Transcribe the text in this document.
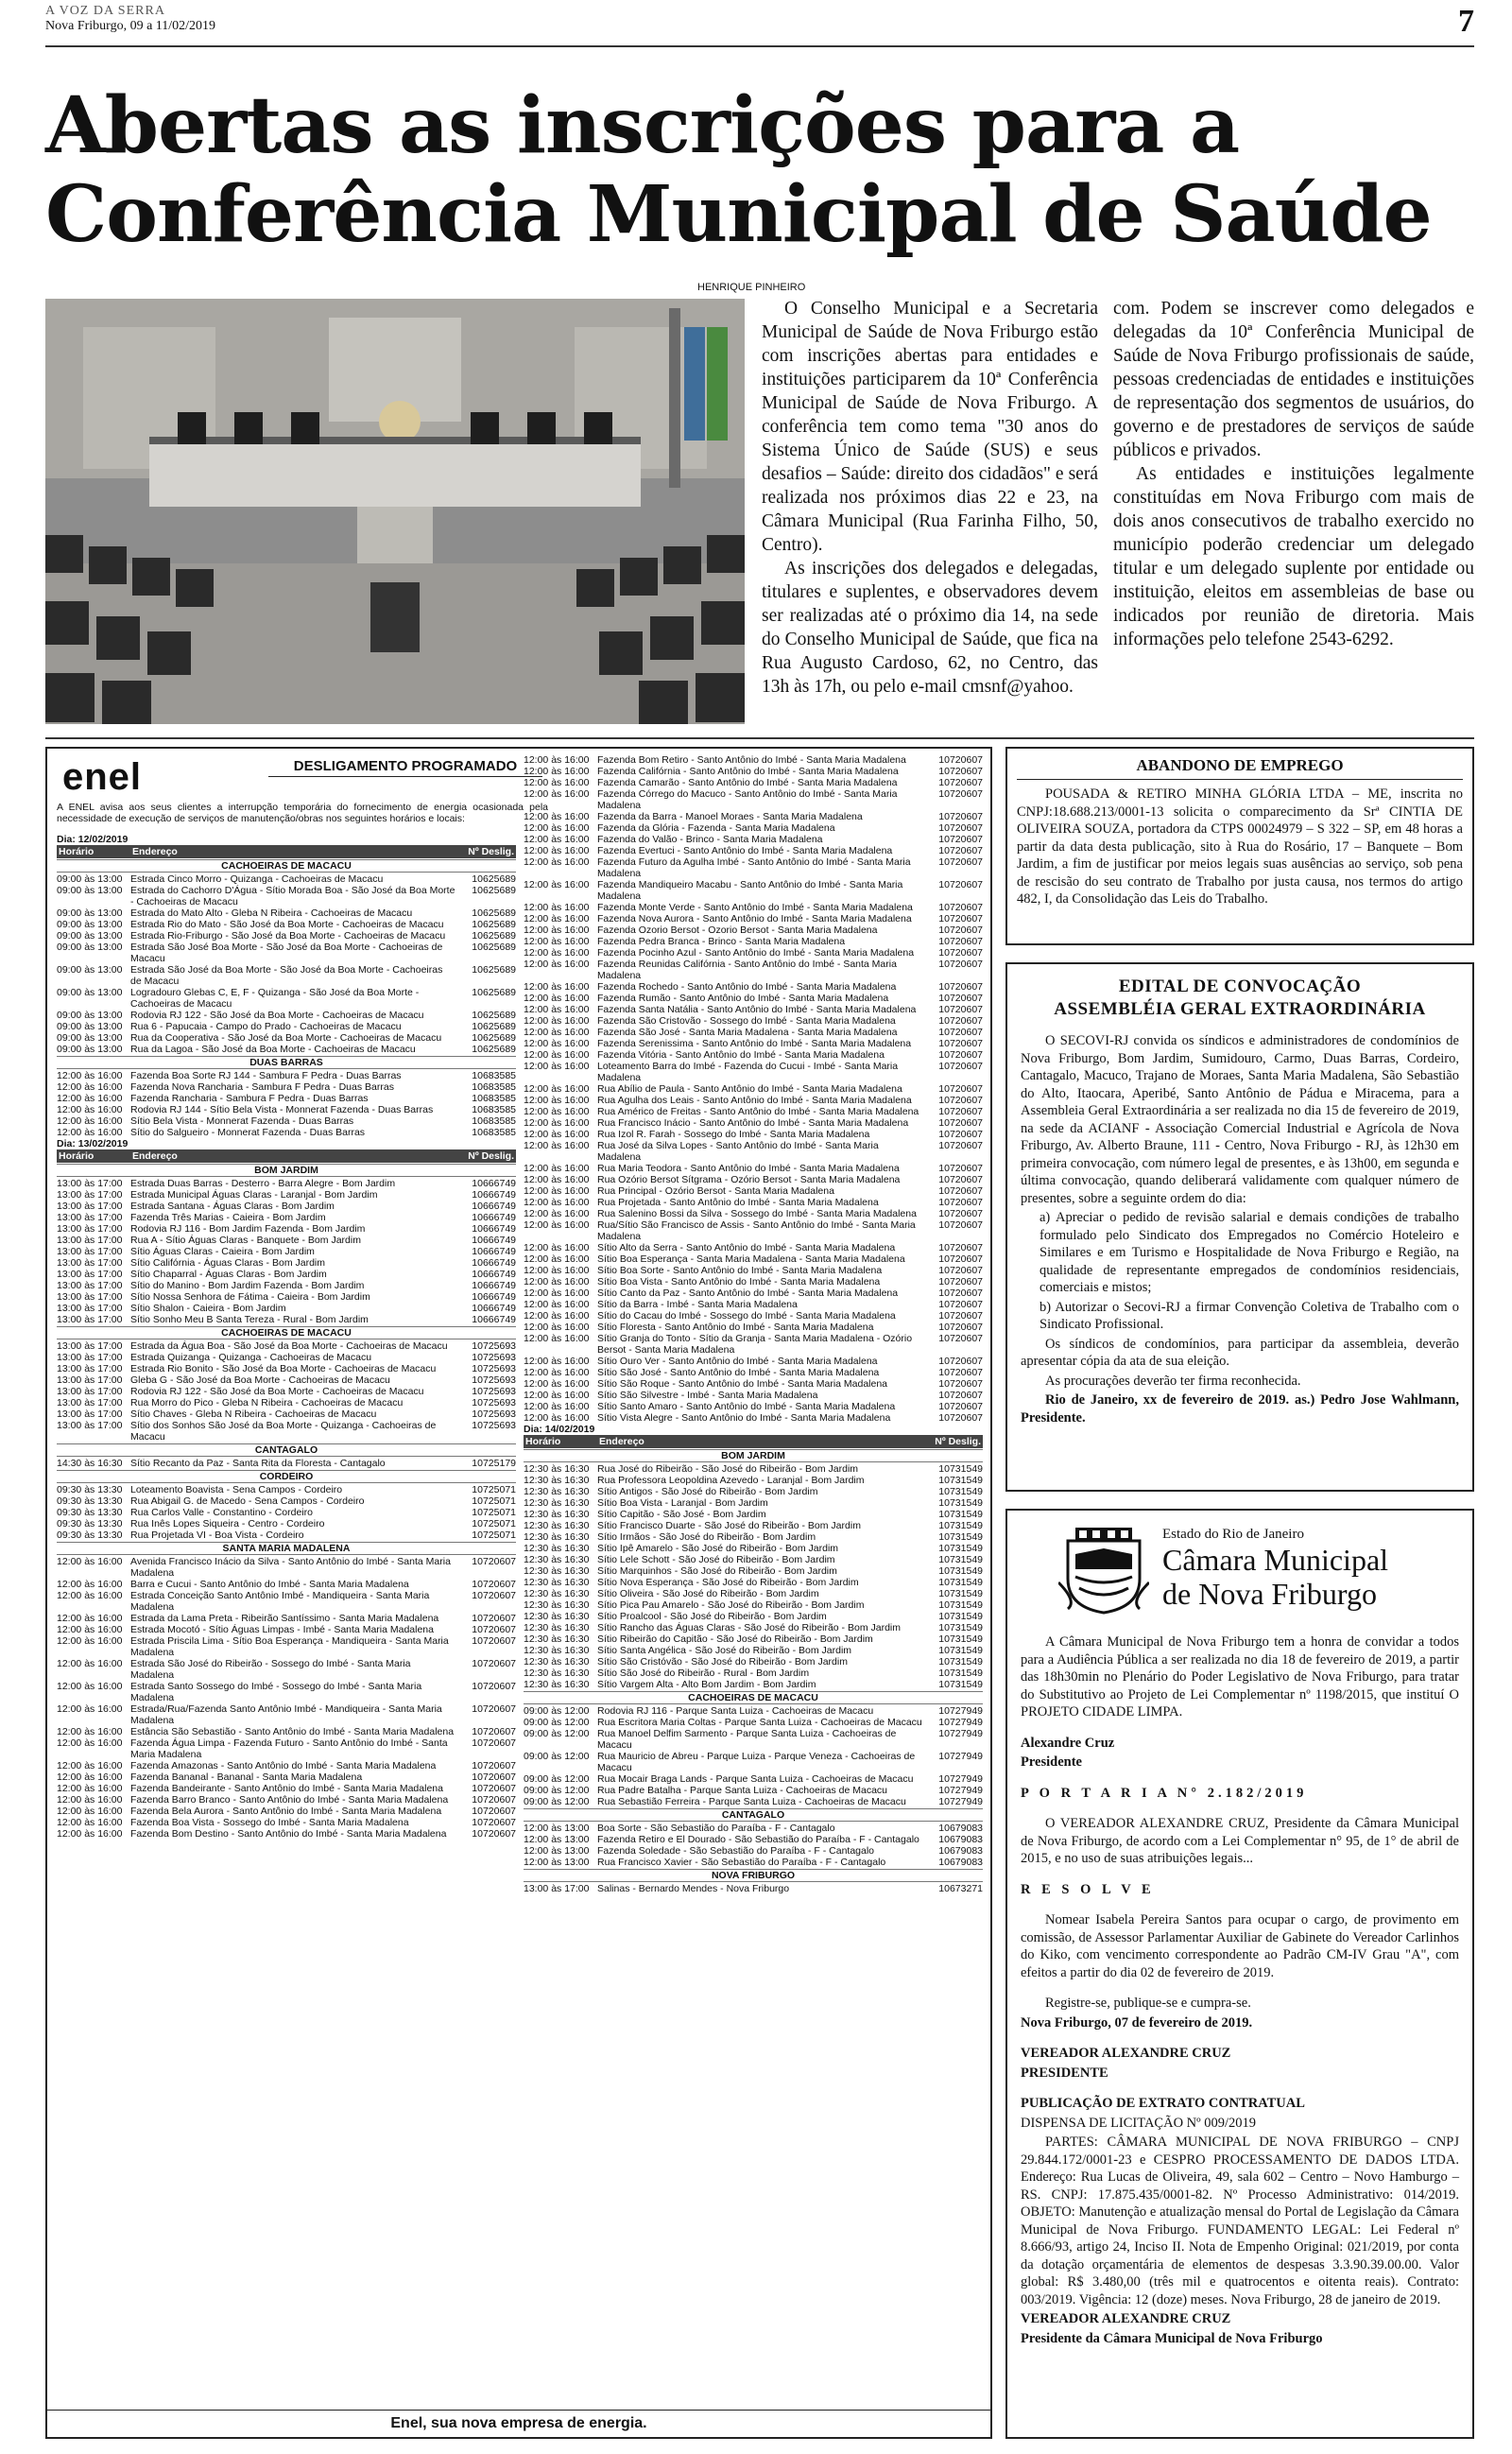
A VOZ DA SERRA
Nova Friburgo, 09 a 11/02/2019	7
Abertas as inscrições para a
Conferência Municipal de Saúde
HENRIQUE PINHEIRO

O Conselho Municipal e a Secretaria Municipal de Saúde de Nova Friburgo estão com inscrições abertas para entidades e instituições participarem da 10ª Conferência Municipal de Saúde de Nova Friburgo. A conferência tem como tema "30 anos do Sistema Único de Saúde (SUS) e seus desafios – Saúde: direito dos cidadãos" e será realizada nos próximos dias 22 e 23, na Câmara Municipal (Rua Farinha Filho, 50, Centro).

As inscrições dos delegados e delegadas, titulares e suplentes, e observadores devem ser realizadas até o próximo dia 14, na sede do Conselho Municipal de Saúde, que fica na Rua Augusto Cardoso, 62, no Centro, das 13h às 17h, ou pelo e-mail cmsnf@yahoo.

com. Podem se inscrever como delegados e delegadas da 10ª Conferência Municipal de Saúde de Nova Friburgo profissionais de saúde, pessoas credenciadas de entidades e instituições de representação dos segmentos de usuários, do governo e de prestadores de serviços de saúde públicos e privados.

As entidades e instituições legalmente constituídas em Nova Friburgo com mais de dois anos consecutivos de trabalho exercido no município poderão credenciar um delegado titular e um delegado suplente por entidade ou instituição, eleitos em assembleias de base ou indicados por reunião de diretoria. Mais informações pelo telefone 2543-6292.

enel	DESLIGAMENTO PROGRAMADO
A ENEL avisa aos seus clientes a interrupção temporária do fornecimento de energia ocasionada pela necessidade de execução de serviços de manutenção/obras nos seguintes horários e locais:
Dia: 12/02/2019
Horário	Endereço	Nº Deslig.
CACHOEIRAS DE MACACU
09:00 às 13:00 Estrada Cinco Morro - Quizanga - Cachoeiras de Macacu	10625689
09:00 às 13:00 Estrada do Cachorro D'Água - Sítio Morada Boa - São José da Boa Morte - Cachoeiras de Macacu
10625689
09:00 às 13:00 Estrada do Mato Alto - Gleba N Ribeira - Cachoeiras de Macacu	10625689
09:00 às 13:00 Estrada Rio do Mato - São José da Boa Morte - Cachoeiras de Macacu	10625689
09:00 às 13:00 Estrada Rio-Friburgo - São José da Boa Morte - Cachoeiras de Macacu	10625689
09:00 às 13:00 Estrada São José Boa Morte - São José da Boa Morte - Cachoeiras de Macacu
10625689
09:00 às 13:00 Estrada São José da Boa Morte - São José da Boa Morte - Cachoeiras de Macacu
10625689
09:00 às 13:00 Logradouro Glebas C, E, F - Quizanga - São José da Boa Morte - Cachoeiras de Macacu
10625689
09:00 às 13:00 Rodovia RJ 122 - São José da Boa Morte - Cachoeiras de Macacu	10625689
09:00 às 13:00 Rua 6 - Papucaia - Campo do Prado - Cachoeiras de Macacu	10625689
09:00 às 13:00 Rua da Cooperativa - São José da Boa Morte - Cachoeiras de Macacu	10625689
09:00 às 13:00 Rua da Lagoa - São José da Boa Morte - Cachoeiras de Macacu	10625689
DUAS BARRAS
12:00 às 16:00 Fazenda Boa Sorte RJ 144 - Sambura F Pedra - Duas Barras	10683585
12:00 às 16:00 Fazenda Nova Rancharia - Sambura F Pedra - Duas Barras	10683585
12:00 às 16:00 Fazenda Rancharia - Sambura F Pedra - Duas Barras	10683585
12:00 às 16:00 Rodovia RJ 144 - Sítio Bela Vista - Monnerat Fazenda - Duas Barras	10683585
12:00 às 16:00 Sítio Bela Vista - Monnerat Fazenda - Duas Barras	10683585
12:00 às 16:00 Sítio do Salgueiro - Monnerat Fazenda - Duas Barras	10683585
Dia: 13/02/2019
Horário	Endereço	Nº Deslig.
BOM JARDIM
13:00 às 17:00 Estrada Duas Barras - Desterro - Barra Alegre - Bom Jardim	10666749
13:00 às 17:00 Estrada Municipal Águas Claras - Laranjal - Bom Jardim	10666749
13:00 às 17:00 Estrada Santana - Águas Claras - Bom Jardim	10666749
13:00 às 17:00 Fazenda Três Marias - Caieira - Bom Jardim	10666749
13:00 às 17:00 Rodovia RJ 116 - Bom Jardim Fazenda - Bom Jardim	10666749
13:00 às 17:00 Rua A - Sítio Águas Claras - Banquete - Bom Jardim	10666749
13:00 às 17:00 Sítio Águas Claras - Caieira - Bom Jardim	10666749
13:00 às 17:00 Sítio Califórnia - Águas Claras - Bom Jardim	10666749
13:00 às 17:00 Sítio Chaparral - Águas Claras - Bom Jardim	10666749
13:00 às 17:00 Sítio do Manino - Bom Jardim Fazenda - Bom Jardim	10666749
13:00 às 17:00 Sítio Nossa Senhora de Fátima - Caieira - Bom Jardim	10666749
13:00 às 17:00 Sítio Shalon - Caieira - Bom Jardim	10666749
13:00 às 17:00 Sítio Sonho Meu B Santa Tereza - Rural - Bom Jardim	10666749
CACHOEIRAS DE MACACU
13:00 às 17:00 Estrada da Água Boa - São José da Boa Morte - Cachoeiras de Macacu	10725693
13:00 às 17:00 Estrada Quizanga - Quizanga - Cachoeiras de Macacu	10725693
13:00 às 17:00 Estrada Rio Bonito - São José da Boa Morte - Cachoeiras de Macacu	10725693
13:00 às 17:00 Gleba G - São José da Boa Morte - Cachoeiras de Macacu	10725693
13:00 às 17:00 Rodovia RJ 122 - São José da Boa Morte - Cachoeiras de Macacu	10725693
13:00 às 17:00 Rua Morro do Pico - Gleba N Ribeira - Cachoeiras de Macacu	10725693
13:00 às 17:00 Sítio Chaves - Gleba N Ribeira - Cachoeiras de Macacu	10725693
13:00 às 17:00 Sítio dos Sonhos São José da Boa Morte - Quizanga - Cachoeiras de Macacu
10725693
CANTAGALO
14:30 às 16:30 Sítio Recanto da Paz - Santa Rita da Floresta - Cantagalo	10725179
CORDEIRO
09:30 às 13:30 Loteamento Boavista - Sena Campos - Cordeiro	10725071
09:30 às 13:30 Rua Abigail G. de Macedo - Sena Campos - Cordeiro	10725071
09:30 às 13:30 Rua Carlos Valle - Constantino - Cordeiro	10725071
09:30 às 13:30 Rua Inês Lopes Siqueira - Centro - Cordeiro	10725071
09:30 às 13:30 Rua Projetada VI - Boa Vista - Cordeiro	10725071
SANTA MARIA MADALENA
12:00 às 16:00 Avenida Francisco Inácio da Silva - Santo Antônio do Imbé - Santa Maria Madalena
10720607
12:00 às 16:00 Barra e Cucui - Santo Antônio do Imbé - Santa Maria Madalena	10720607
12:00 às 16:00 Estrada Conceição Santo Antônio Imbé - Mandiqueira - Santa Maria Madalena
10720607
12:00 às 16:00 Estrada da Lama Preta - Ribeirão Santíssimo - Santa Maria Madalena	10720607
12:00 às 16:00 Estrada Mocotó - Sítio Águas Limpas - Imbé - Santa Maria Madalena	10720607
12:00 às 16:00 Estrada Priscila Lima - Sítio Boa Esperança - Mandiqueira - Santa Maria Madalena
10720607
12:00 às 16:00 Estrada São José do Ribeirão - Sossego do Imbé - Santa Maria Madalena
10720607
12:00 às 16:00 Estrada Santo Sossego do Imbé - Sossego do Imbé - Santa Maria Madalena
10720607
12:00 às 16:00 Estrada/Rua/Fazenda Santo Antônio Imbé - Mandiqueira - Santa Maria Madalena
10720607
12:00 às 16:00 Estância São Sebastião - Santo Antônio do Imbé - Santa Maria Madalena	10720607
12:00 às 16:00 Fazenda Água Limpa - Fazenda Futuro - Santo Antônio do Imbé - Santa Maria Madalena
10720607
12:00 às 16:00 Fazenda Amazonas - Santo Antônio do Imbé - Santa Maria Madalena	10720607
12:00 às 16:00 Fazenda Bananal - Bananal - Santa Maria Madalena	10720607
12:00 às 16:00 Fazenda Bandeirante - Santo Antônio do Imbé - Santa Maria Madalena	10720607
12:00 às 16:00 Fazenda Barro Branco - Santo Antônio do Imbé - Santa Maria Madalena	10720607
12:00 às 16:00 Fazenda Bela Aurora - Santo Antônio do Imbé - Santa Maria Madalena	10720607
12:00 às 16:00 Fazenda Boa Vista - Sossego do Imbé - Santa Maria Madalena	10720607
12:00 às 16:00 Fazenda Bom Destino - Santo Antônio do Imbé - Santa Maria Madalena	10720607
12:00 às 16:00 Fazenda Bom Retiro - Santo Antônio do Imbé - Santa Maria Madalena	10720607
12:00 às 16:00 Fazenda Califórnia - Santo Antônio do Imbé - Santa Maria Madalena	10720607
12:00 às 16:00 Fazenda Camarão - Santo Antônio do Imbé - Santa Maria Madalena	10720607
12:00 às 16:00 Fazenda Córrego do Macuco - Santo Antônio do Imbé - Santa Maria Madalena
10720607
12:00 às 16:00 Fazenda da Barra - Manoel Moraes - Santa Maria Madalena	10720607
12:00 às 16:00 Fazenda da Glória - Fazenda - Santa Maria Madalena	10720607
12:00 às 16:00 Fazenda do Valão - Brinco - Santa Maria Madalena	10720607
12:00 às 16:00 Fazenda Evertuci - Santo Antônio do Imbé - Santa Maria Madalena	10720607
12:00 às 16:00 Fazenda Futuro da Agulha Imbé - Santo Antônio do Imbé - Santa Maria Madalena
10720607
12:00 às 16:00 Fazenda Mandiqueiro Macabu - Santo Antônio do Imbé - Santa Maria Madalena
10720607
12:00 às 16:00 Fazenda Monte Verde - Santo Antônio do Imbé - Santa Maria Madalena	10720607
12:00 às 16:00 Fazenda Nova Aurora - Santo Antônio do Imbé - Santa Maria Madalena	10720607
12:00 às 16:00 Fazenda Ozorio Bersot - Ozorio Bersot - Santa Maria Madalena	10720607
12:00 às 16:00 Fazenda Pedra Branca - Brinco - Santa Maria Madalena	10720607
12:00 às 16:00 Fazenda Pocinho Azul - Santo Antônio do Imbé - Santa Maria Madalena	10720607
12:00 às 16:00 Fazenda Reunidas Califórnia - Santo Antônio do Imbé - Santa Maria Madalena
10720607
12:00 às 16:00 Fazenda Rochedo - Santo Antônio do Imbé - Santa Maria Madalena	10720607
12:00 às 16:00 Fazenda Rumão - Santo Antônio do Imbé - Santa Maria Madalena	10720607
12:00 às 16:00 Fazenda Santa Natália - Santo Antônio do Imbé - Santa Maria Madalena	10720607
12:00 às 16:00 Fazenda São Cristovão - Sossego do Imbé - Santa Maria Madalena	10720607
12:00 às 16:00 Fazenda São José - Santa Maria Madalena - Santa Maria Madalena	10720607
12:00 às 16:00 Fazenda Serenissima - Santo Antônio do Imbé - Santa Maria Madalena	10720607
12:00 às 16:00 Fazenda Vitória - Santo Antônio do Imbé - Santa Maria Madalena	10720607
12:00 às 16:00 Loteamento Barra do Imbé - Fazenda do Cucui - Imbé - Santa Maria Madalena
10720607
12:00 às 16:00 Rua Abílio de Paula - Santo Antônio do Imbé - Santa Maria Madalena	10720607
12:00 às 16:00 Rua Agulha dos Leais - Santo Antônio do Imbé - Santa Maria Madalena	10720607
12:00 às 16:00 Rua Américo de Freitas - Santo Antônio do Imbé - Santa Maria Madalena	10720607
12:00 às 16:00 Rua Francisco Inácio - Santo Antônio do Imbé - Santa Maria Madalena	10720607
12:00 às 16:00 Rua Izol R. Farah - Sossego do Imbé - Santa Maria Madalena	10720607
12:00 às 16:00 Rua José da Silva Lopes - Santo Antônio do Imbé - Santa Maria Madalena
10720607
12:00 às 16:00 Rua Maria Teodora - Santo Antônio do Imbé - Santa Maria Madalena	10720607
12:00 às 16:00 Rua Ozório Bersot Sítgrama - Ozório Bersot - Santa Maria Madalena	10720607
12:00 às 16:00 Rua Principal - Ozório Bersot - Santa Maria Madalena	10720607
12:00 às 16:00 Rua Projetada - Santo Antônio do Imbé - Santa Maria Madalena	10720607
12:00 às 16:00 Rua Salenino Bossi da Silva - Sossego do Imbé - Santa Maria Madalena	10720607
12:00 às 16:00 Rua/Sítio São Francisco de Assis - Santo Antônio do Imbé - Santa Maria Madalena
10720607
12:00 às 16:00 Sítio Alto da Serra - Santo Antônio do Imbé - Santa Maria Madalena	10720607
12:00 às 16:00 Sítio Boa Esperança - Santa Maria Madalena - Santa Maria Madalena	10720607
12:00 às 16:00 Sítio Boa Sorte - Santo Antônio do Imbé - Santa Maria Madalena	10720607
12:00 às 16:00 Sítio Boa Vista - Santo Antônio do Imbé - Santa Maria Madalena	10720607
12:00 às 16:00 Sítio Canto da Paz - Santo Antônio do Imbé - Santa Maria Madalena	10720607
12:00 às 16:00 Sítio da Barra - Imbé - Santa Maria Madalena	10720607
12:00 às 16:00 Sítio do Cacau do Imbé - Sossego do Imbé - Santa Maria Madalena	10720607
12:00 às 16:00 Sítio Floresta - Santo Antônio do Imbé - Santa Maria Madalena	10720607
12:00 às 16:00 Sítio Granja do Tonto - Sítio da Granja - Santa Maria Madalena - Ozório Bersot - Santa Maria Madalena
10720607
12:00 às 16:00 Sítio Ouro Ver - Santo Antônio do Imbé - Santa Maria Madalena	10720607
12:00 às 16:00 Sítio São José - Santo Antônio do Imbé - Santa Maria Madalena	10720607
12:00 às 16:00 Sítio São Roque - Santo Antônio do Imbé - Santa Maria Madalena	10720607
12:00 às 16:00 Sítio São Silvestre - Imbé - Santa Maria Madalena	10720607
12:00 às 16:00 Sítio Santo Amaro - Santo Antônio do Imbé - Santa Maria Madalena	10720607
12:00 às 16:00 Sítio Vista Alegre - Santo Antônio do Imbé - Santa Maria Madalena	10720607
Dia: 14/02/2019
Horário	Endereço	Nº Deslig.
BOM JARDIM
12:30 às 16:30 Rua José do Ribeirão - São José do Ribeirão - Bom Jardim	10731549
12:30 às 16:30 Rua Professora Leopoldina Azevedo - Laranjal - Bom Jardim	10731549
12:30 às 16:30 Sítio Antigos - São José do Ribeirão - Bom Jardim	10731549
12:30 às 16:30 Sítio Boa Vista - Laranjal - Bom Jardim	10731549
12:30 às 16:30 Sítio Capitão - São José - Bom Jardim	10731549
12:30 às 16:30 Sítio Francisco Duarte - São José do Ribeirão - Bom Jardim	10731549
12:30 às 16:30 Sítio Irmãos - São José do Ribeirão - Bom Jardim	10731549
12:30 às 16:30 Sítio Ipê Amarelo - São José do Ribeirão - Bom Jardim	10731549
12:30 às 16:30 Sítio Lele Schott - São José do Ribeirão - Bom Jardim	10731549
12:30 às 16:30 Sítio Marquinhos - São José do Ribeirão - Bom Jardim	10731549
12:30 às 16:30 Sítio Nova Esperança - São José do Ribeirão - Bom Jardim	10731549
12:30 às 16:30 Sítio Oliveira - São José do Ribeirão - Bom Jardim	10731549
12:30 às 16:30 Sítio Pica Pau Amarelo - São José do Ribeirão - Bom Jardim	10731549
12:30 às 16:30 Sítio Proalcool - São José do Ribeirão - Bom Jardim	10731549
12:30 às 16:30 Sítio Rancho das Águas Claras - São José do Ribeirão - Bom Jardim	10731549
12:30 às 16:30 Sítio Ribeirão do Capitão - São José do Ribeirão - Bom Jardim	10731549
12:30 às 16:30 Sítio Santa Angélica - São José do Ribeirão - Bom Jardim	10731549
12:30 às 16:30 Sítio São Cristóvão - São José do Ribeirão - Bom Jardim	10731549
12:30 às 16:30 Sítio São José do Ribeirão - Rural - Bom Jardim	10731549
12:30 às 16:30 Sítio Vargem Alta - Alto Bom Jardim - Bom Jardim	10731549
CACHOEIRAS DE MACACU
09:00 às 12:00 Rodovia RJ 116 - Parque Santa Luiza - Cachoeiras de Macacu	10727949
09:00 às 12:00 Rua Escritora Maria Coltas - Parque Santa Luiza - Cachoeiras de Macacu	10727949
09:00 às 12:00 Rua Manoel Delfim Sarmento - Parque Santa Luiza - Cachoeiras de Macacu
10727949
09:00 às 12:00 Rua Mauricio de Abreu - Parque Luiza - Parque Veneza - Cachoeiras de Macacu
10727949
09:00 às 12:00 Rua Mocair Braga Lands - Parque Santa Luiza - Cachoeiras de Macacu	10727949
09:00 às 12:00 Rua Padre Batalha - Parque Santa Luiza - Cachoeiras de Macacu	10727949
09:00 às 12:00 Rua Sebastião Ferreira - Parque Santa Luiza - Cachoeiras de Macacu	10727949
CANTAGALO
12:00 às 13:00 Boa Sorte - São Sebastião do Paraíba - F - Cantagalo	10679083
12:00 às 13:00 Fazenda Retiro e El Dourado - São Sebastião do Paraíba - F - Cantagalo	10679083
12:00 às 13:00 Fazenda Soledade - São Sebastião do Paraíba - F - Cantagalo	10679083
12:00 às 13:00 Rua Francisco Xavier - São Sebastião do Paraíba - F - Cantagalo	10679083
NOVA FRIBURGO
13:00 às 17:00 Salinas - Bernardo Mendes - Nova Friburgo	10673271
Enel, sua nova empresa de energia.
ABANDONO DE EMPREGO

POUSADA & RETIRO MINHA GLÓRIA LTDA – ME, inscrita no CNPJ:18.688.213/0001-13 solicita o comparecimento da Srª CINTIA DE OLIVEIRA SOUZA, portadora da CTPS 00024979 – S 322 – SP, em 48 horas a partir da data desta publicação, sito à Rua do Rosário, 17 – Banquete – Bom Jardim, a fim de justificar por meios legais suas ausências ao serviço, sob pena de rescisão do seu contrato de Trabalho por justa causa, nos termos do artigo 482, I, da Consolidação das Leis do Trabalho.

EDITAL DE CONVOCAÇÃO
ASSEMBLÉIA GERAL EXTRAORDINÁRIA

O SECOVI-RJ convida os síndicos e administradores de condomínios de Nova Friburgo, Bom Jardim, Sumidouro, Carmo, Duas Barras, Cordeiro, Cantagalo, Macuco, Trajano de Moraes, Santa Maria Madalena, São Sebastião do Alto, Itaocara, Aperibé, Santo Antônio de Pádua e Miracema, para a Assembleia Geral Extraordinária a ser realizada no dia 15 de fevereiro de 2019, na sede da ACIANF - Associação Comercial Industrial e Agrícola de Nova Friburgo, Av. Alberto Braune, 111 - Centro, Nova Friburgo - RJ, às 12h30 em primeira convocação, com número legal de presentes, e às 13h00, em segunda e última convocação, quando deliberará validamente com qualquer número de presentes, sobre a seguinte ordem do dia:

a) Apreciar o pedido de revisão salarial e demais condições de trabalho formulado pelo Sindicato dos Empregados no Comércio Hoteleiro e Similares e em Turismo e Hospitalidade de Nova Friburgo e Região, na qualidade de representante empregados de condomínios residenciais, comerciais e mistos;

b) Autorizar o Secovi-RJ a firmar Convenção Coletiva de Trabalho com o Sindicato Profissional.

Os síndicos de condomínios, para participar da assembleia, deverão apresentar cópia da ata de sua eleição.

As procurações deverão ter firma reconhecida.

Rio de Janeiro, xx de fevereiro de 2019. as.) Pedro Jose Wahlmann, Presidente.

Estado do Rio de Janeiro
Câmara Municipal
de Nova Friburgo

A Câmara Municipal de Nova Friburgo tem a honra de convidar a todos para a Audiência Pública a ser realizada no dia 18 de fevereiro de 2019, a partir das 18h30min no Plenário do Poder Legislativo de Nova Friburgo, para tratar do Substitutivo ao Projeto de Lei Complementar nº 1198/2015, que instituí O PROJETO CIDADE LIMPA.

Alexandre Cruz

Presidente

P O R T A R I A N° 2.182/2019

O VEREADOR ALEXANDRE CRUZ, Presidente da Câmara Municipal de Nova Friburgo, de acordo com a Lei Complementar n° 95, de 1° de abril de 2015, e no uso de suas atribuições legais...

R E S O L V E

Nomear Isabela Pereira Santos para ocupar o cargo, de provimento em comissão, de Assessor Parlamentar Auxiliar de Gabinete do Vereador Carlinhos do Kiko, com vencimento correspondente ao Padrão CM-IV Grau "A", com efeitos a partir do dia 02 de fevereiro de 2019.

Registre-se, publique-se e cumpra-se.

Nova Friburgo, 07 de fevereiro de 2019.

VEREADOR ALEXANDRE CRUZ

PRESIDENTE

PUBLICAÇÃO DE EXTRATO CONTRATUAL

DISPENSA DE LICITAÇÃO Nº 009/2019

PARTES: CÂMARA MUNICIPAL DE NOVA FRIBURGO – CNPJ 29.844.172/0001-23 e CESPRO PROCESSAMENTO DE DADOS LTDA. Endereço: Rua Lucas de Oliveira, 49, sala 602 – Centro – Novo Hamburgo – RS. CNPJ: 17.875.435/0001-82. Nº Processo Administrativo: 014/2019. OBJETO: Manutenção e atualização mensal do Portal de Legislação da Câmara Municipal de Nova Friburgo. FUNDAMENTO LEGAL: Lei Federal nº 8.666/93, artigo 24, Inciso II. Nota de Empenho Original: 021/2019, por conta da dotação orçamentária de elementos de despesas 3.3.90.39.00.00. Valor global: R$ 3.480,00 (três mil e quatrocentos e oitenta reais). Contrato: 003/2019. Vigência: 12 (doze) meses. Nova Friburgo, 28 de janeiro de 2019.

VEREADOR ALEXANDRE CRUZ

Presidente da Câmara Municipal de Nova Friburgo
